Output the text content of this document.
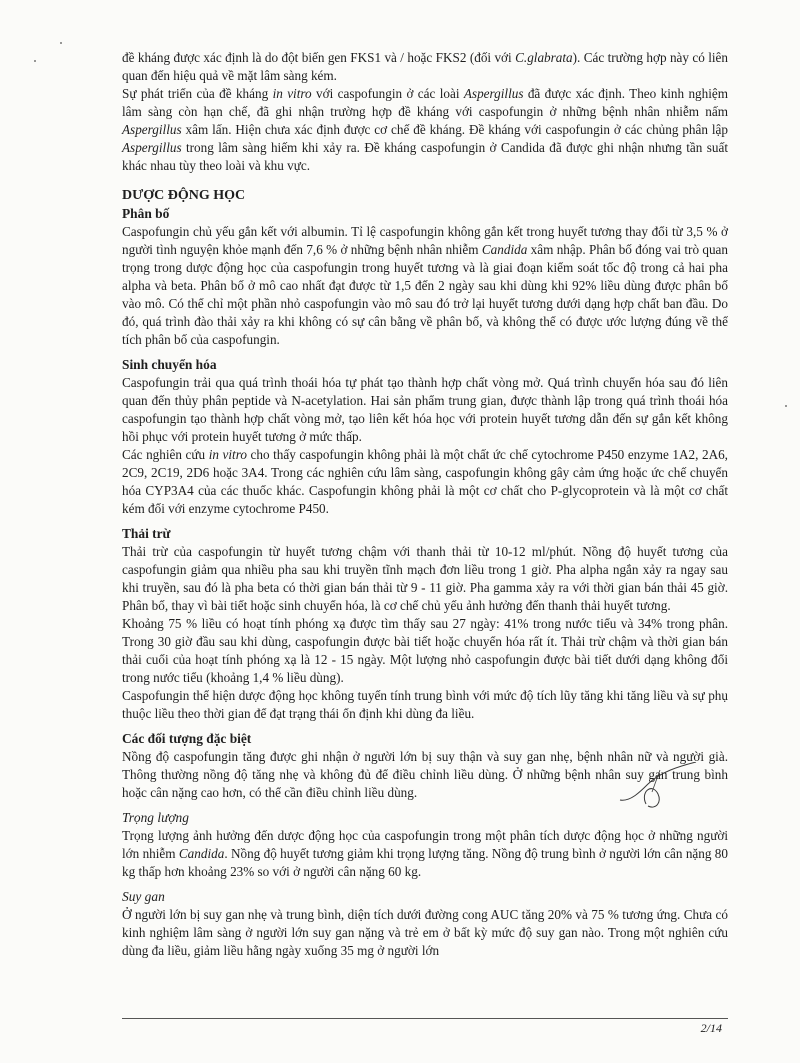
đề kháng được xác định là do đột biến gen FKS1 và / hoặc FKS2 (đối với C.glabrata). Các trường hợp này có liên quan đến hiệu quả về mặt lâm sàng kém.

Sự phát triển của đề kháng in vitro với caspofungin ở các loài Aspergillus đã được xác định. Theo kinh nghiệm lâm sàng còn hạn chế, đã ghi nhận trường hợp đề kháng với caspofungin ở những bệnh nhân nhiễm nấm Aspergillus xâm lấn. Hiện chưa xác định được cơ chế đề kháng. Đề kháng với caspofungin ở các chủng phân lập Aspergillus trong lâm sàng hiếm khi xảy ra. Đề kháng caspofungin ở Candida đã được ghi nhận nhưng tần suất khác nhau tùy theo loài và khu vực.

DƯỢC ĐỘNG HỌC
Phân bố

Caspofungin chủ yếu gắn kết với albumin. Tỉ lệ caspofungin không gắn kết trong huyết tương thay đổi từ 3,5 % ở người tình nguyện khỏe mạnh đến 7,6 % ở những bệnh nhân nhiễm Candida xâm nhập. Phân bố đóng vai trò quan trọng trong dược động học của caspofungin trong huyết tương và là giai đoạn kiểm soát tốc độ trong cả hai pha alpha và beta. Phân bố ở mô cao nhất đạt được từ 1,5 đến 2 ngày sau khi dùng khi 92% liều dùng được phân bố vào mô. Có thể chỉ một phần nhỏ caspofungin vào mô sau đó trở lại huyết tương dưới dạng hợp chất ban đầu. Do đó, quá trình đào thải xảy ra khi không có sự cân bằng về phân bố, và không thể có được ước lượng đúng về thể tích phân bố của caspofungin.

Sinh chuyển hóa

Caspofungin trải qua quá trình thoái hóa tự phát tạo thành hợp chất vòng mở. Quá trình chuyển hóa sau đó liên quan đến thủy phân peptide và N-acetylation. Hai sản phẩm trung gian, được thành lập trong quá trình thoái hóa caspofungin tạo thành hợp chất vòng mở, tạo liên kết hóa học với protein huyết tương dẫn đến sự gắn kết không hồi phục với protein huyết tương ở mức thấp.

Các nghiên cứu in vitro cho thấy caspofungin không phải là một chất ức chế cytochrome P450 enzyme 1A2, 2A6, 2C9, 2C19, 2D6 hoặc 3A4. Trong các nghiên cứu lâm sàng, caspofungin không gây cảm ứng hoặc ức chế chuyển hóa CYP3A4 của các thuốc khác. Caspofungin không phải là một cơ chất cho P-glycoprotein và là một cơ chất kém đối với enzyme cytochrome P450.

Thải trừ

Thải trừ của caspofungin từ huyết tương chậm với thanh thải từ 10-12 ml/phút. Nồng độ huyết tương của caspofungin giảm qua nhiều pha sau khi truyền tĩnh mạch đơn liều trong 1 giờ. Pha alpha ngắn xảy ra ngay sau khi truyền, sau đó là pha beta có thời gian bán thải từ 9 - 11 giờ. Pha gamma xảy ra với thời gian bán thải 45 giờ. Phân bố, thay vì bài tiết hoặc sinh chuyển hóa, là cơ chế chủ yếu ảnh hưởng đến thanh thải huyết tương.

Khoảng 75 % liều có hoạt tính phóng xạ được tìm thấy sau 27 ngày: 41% trong nước tiểu và 34% trong phân. Trong 30 giờ đầu sau khi dùng, caspofungin được bài tiết hoặc chuyển hóa rất ít. Thải trừ chậm và thời gian bán thải cuối của hoạt tính phóng xạ là 12 - 15 ngày. Một lượng nhỏ caspofungin được bài tiết dưới dạng không đổi trong nước tiểu (khoảng 1,4 % liều dùng).

Caspofungin thể hiện dược động học không tuyến tính trung bình với mức độ tích lũy tăng khi tăng liều và sự phụ thuộc liều theo thời gian để đạt trạng thái ổn định khi dùng đa liều.

Các đối tượng đặc biệt

Nồng độ caspofungin tăng được ghi nhận ở người lớn bị suy thận và suy gan nhẹ, bệnh nhân nữ và người già. Thông thường nồng độ tăng nhẹ và không đủ để điều chỉnh liều dùng. Ở những bệnh nhân suy gan trung bình hoặc cân nặng cao hơn, có thể cần điều chỉnh liều dùng.

Trọng lượng

Trọng lượng ảnh hưởng đến dược động học của caspofungin trong một phân tích dược động học ở những người lớn nhiễm Candida. Nồng độ huyết tương giảm khi trọng lượng tăng. Nồng độ trung bình ở người lớn cân nặng 80 kg thấp hơn khoảng 23% so với ở người cân nặng 60 kg.

Suy gan

Ở người lớn bị suy gan nhẹ và trung bình, diện tích dưới đường cong AUC tăng 20% và 75 % tương ứng. Chưa có kinh nghiệm lâm sàng ở người lớn suy gan nặng và trẻ em ở bất kỳ mức độ suy gan nào. Trong một nghiên cứu dùng đa liều, giảm liều hằng ngày xuống 35 mg ở người lớn

2/14
